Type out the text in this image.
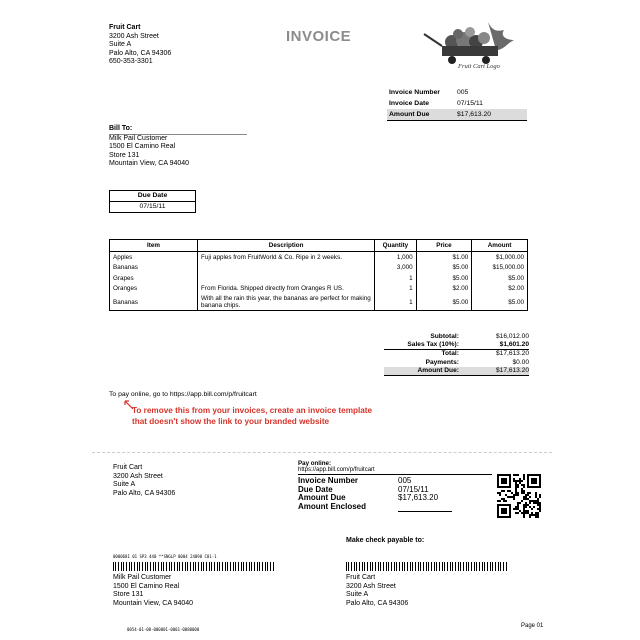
Fruit Cart
3200 Ash Street
Suite A
Palo Alto, CA 94306
650-353-3301
INVOICE
Fruit Cart Logo
Invoice Number	005
Invoice Date	07/15/11
Amount Due	$17,613.20
Bill To:
Milk Pail Customer
1500 El Camino Real
Store 131
Mountain View, CA 94040
Due Date
07/15/11
Item	Description	Quantity	Price	Amount
Apples	Fuji apples from FruitWorld & Co. Ripe in 2 weeks.	1,000	$1.00	$1,000.00
Bananas		3,000	$5.00	$15,000.00
Grapes		1	$5.00	$5.00
Oranges	From Florida. Shipped directly from Oranges R US.	1	$2.00	$2.00
Bananas	With all the rain this year, the bananas are perfect for making banana chips.	1	$5.00	$5.00
Subtotal:	$16,012.00
Sales Tax (10%):	$1,601.20
Total:	$17,613.20
Payments:	$0.00
Amount Due:	$17,613.20
To pay online, go to https://app.bill.com/p/fruitcart
To remove this from your invoices, create an invoice template
that doesn't show the link to your branded website
Fruit Cart
3200 Ash Street
Suite A
Palo Alto, CA 94306
Pay online:
https://app.bill.com/p/fruitcart
Invoice Number	005
Due Date	07/15/11
Amount Due	$17,613.20
Amount Enclosed
Make check payable to:
0000681 01 SP3 440 **SNGLP 0004 24098 C01-1
Milk Pail Customer
1500 El Camino Real
Store 131
Mountain View, CA 94040
Fruit Cart
3200 Ash Street
Suite A
Palo Alto, CA 94306
0054-01-00-000001-0001-0080000
Page 01
